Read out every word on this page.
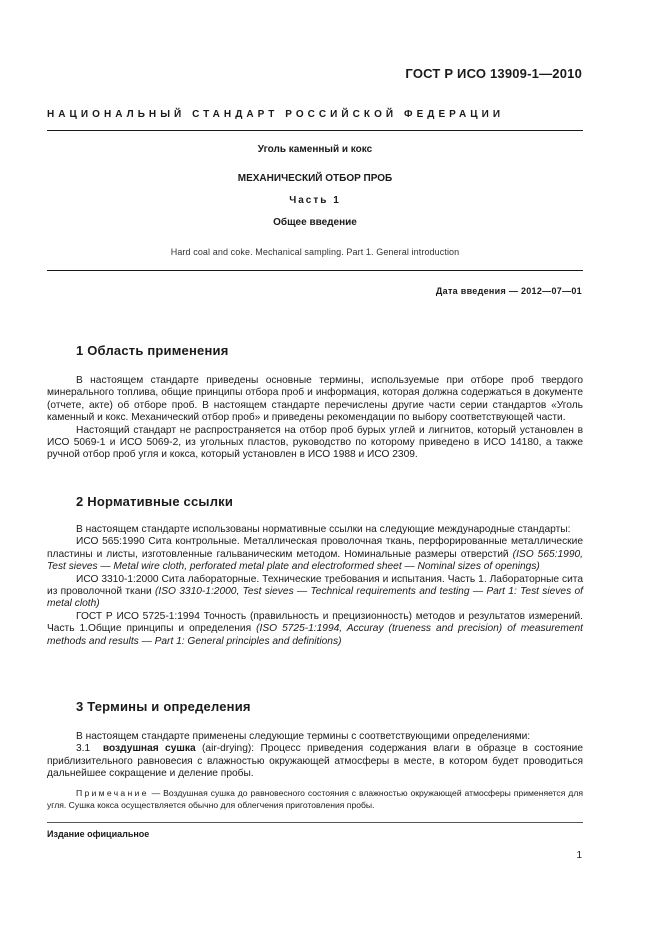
ГОСТ Р ИСО 13909-1—2010
НАЦИОНАЛЬНЫЙ СТАНДАРТ РОССИЙСКОЙ ФЕДЕРАЦИИ
Уголь каменный и кокс
МЕХАНИЧЕСКИЙ ОТБОР ПРОБ
Часть 1
Общее введение
Hard coal and coke. Mechanical sampling. Part 1. General introduction
Дата введения — 2012—07—01
1 Область применения

В настоящем стандарте приведены основные термины, используемые при отборе проб твердого минерального топлива, общие принципы отбора проб и информация, которая должна содержаться в документе (отчете, акте) об отборе проб. В настоящем стандарте перечислены другие части серии стандартов «Уголь каменный и кокс. Механический отбор проб» и приведены рекомендации по выбору соответствующей части.

Настоящий стандарт не распространяется на отбор проб бурых углей и лигнитов, который установлен в ИСО 5069-1 и ИСО 5069-2, из угольных пластов, руководство по которому приведено в ИСО 14180, а также ручной отбор проб угля и кокса, который установлен в ИСО 1988 и ИСО 2309.

2 Нормативные ссылки

В настоящем стандарте использованы нормативные ссылки на следующие международные стандарты:

ИСО 565:1990 Сита контрольные. Металлическая проволочная ткань, перфорированные металлические пластины и листы, изготовленные гальваническим методом. Номинальные размеры отверстий (ISO 565:1990, Test sieves — Metal wire cloth, perforated metal plate and electroformed sheet — Nominal sizes of openings)

ИСО 3310-1:2000 Сита лабораторные. Технические требования и испытания. Часть 1. Лабораторные сита из проволочной ткани (ISO 3310-1:2000, Test sieves — Technical requirements and testing — Part 1: Test sieves of metal cloth)

ГОСТ Р ИСО 5725-1:1994 Точность (правильность и прецизионность) методов и результатов измерений. Часть 1.Общие принципы и определения (ISO 5725-1:1994, Accuray (trueness and precision) of measurement methods and results — Part 1: General principles and definitions)

3 Термины и определения

В настоящем стандарте применены следующие термины с соответствующими определениями:

3.1 воздушная сушка (air-drying): Процесс приведения содержания влаги в образце в состояние приблизительного равновесия с влажностью окружающей атмосферы в месте, в котором будет проводиться дальнейшее сокращение и деление пробы.

Примечание — Воздушная сушка до равновесного состояния с влажностью окружающей атмосферы применяется для угля. Сушка кокса осуществляется обычно для облегчения приготовления пробы.

Издание официальное
1
